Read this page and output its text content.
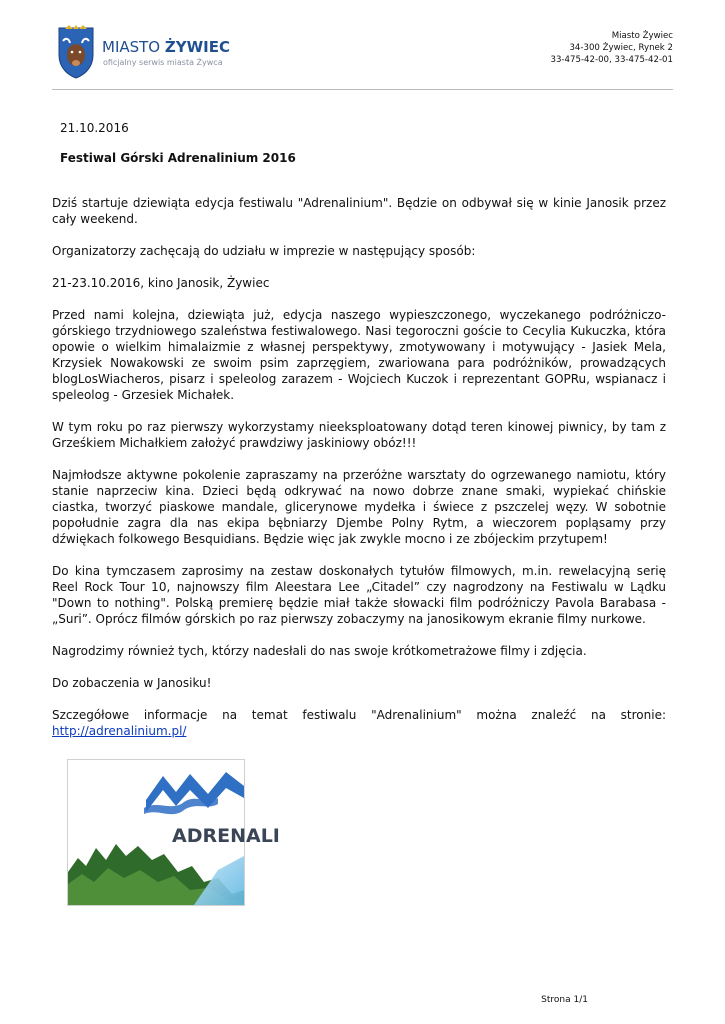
MIASTO ŻYWIEC
oficjalny serwis miasta Żywca
Miasto Żywiec
34-300 Żywiec, Rynek 2
33-475-42-00, 33-475-42-01
21.10.2016
Festiwal Górski Adrenalinium 2016

Dziś startuje dziewiąta edycja festiwalu "Adrenalinium". Będzie on odbywał się w kinie Janosik przez cały weekend.

Organizatorzy zachęcają do udziału w imprezie w następujący sposób:

21-23.10.2016, kino Janosik, Żywiec

Przed nami kolejna, dziewiąta już, edycja naszego wypieszczonego, wyczekanego podróżniczo-górskiego trzydniowego szaleństwa festiwalowego. Nasi tegoroczni goście to Cecylia Kukuczka, która opowie o wielkim himalaizmie z własnej perspektywy, zmotywowany i motywujący - Jasiek Mela, Krzysiek Nowakowski ze swoim psim zaprzęgiem, zwariowana para podróżników, prowadzących blogLosWiacheros, pisarz i speleolog zarazem - Wojciech Kuczok i reprezentant GOPRu, wspianacz i speleolog - Grzesiek Michałek.

W tym roku po raz pierwszy wykorzystamy nieeksploatowany dotąd teren kinowej piwnicy, by tam z Grześkiem Michałkiem założyć prawdziwy jaskiniowy obóz!!!

Najmłodsze aktywne pokolenie zapraszamy na przeróżne warsztaty do ogrzewanego namiotu, który stanie naprzeciw kina. Dzieci będą odkrywać na nowo dobrze znane smaki, wypiekać chińskie ciastka, tworzyć piaskowe mandale, glicerynowe mydełka i świece z pszczelej węzy. W sobotnie popołudnie zagra dla nas ekipa bębniarzy Djembe Polny Rytm, a wieczorem popląsamy przy dźwiękach folkowego Besquidians. Będzie więc jak zwykle mocno i ze zbójeckim przytupem!

Do kina tymczasem zaprosimy na zestaw doskonałych tytułów filmowych, m.in. rewelacyjną serię Reel Rock Tour 10, najnowszy film Aleestara Lee „Citadel” czy nagrodzony na Festiwalu w Lądku "Down to nothing". Polską premierę będzie miał także słowacki film podróżniczy Pavola Barabasa - „Suri”. Oprócz filmów górskich po raz pierwszy zobaczymy na janosikowym ekranie filmy nurkowe.

Nagrodzimy również tych, którzy nadesłali do nas swoje krótkometrażowe filmy i zdjęcia.

Do zobaczenia w Janosiku!

Szczegółowe informacje na temat festiwalu "Adrenalinium" można znaleźć na stronie: http://adrenalinium.pl/

ADRENALI
Strona 1/1
